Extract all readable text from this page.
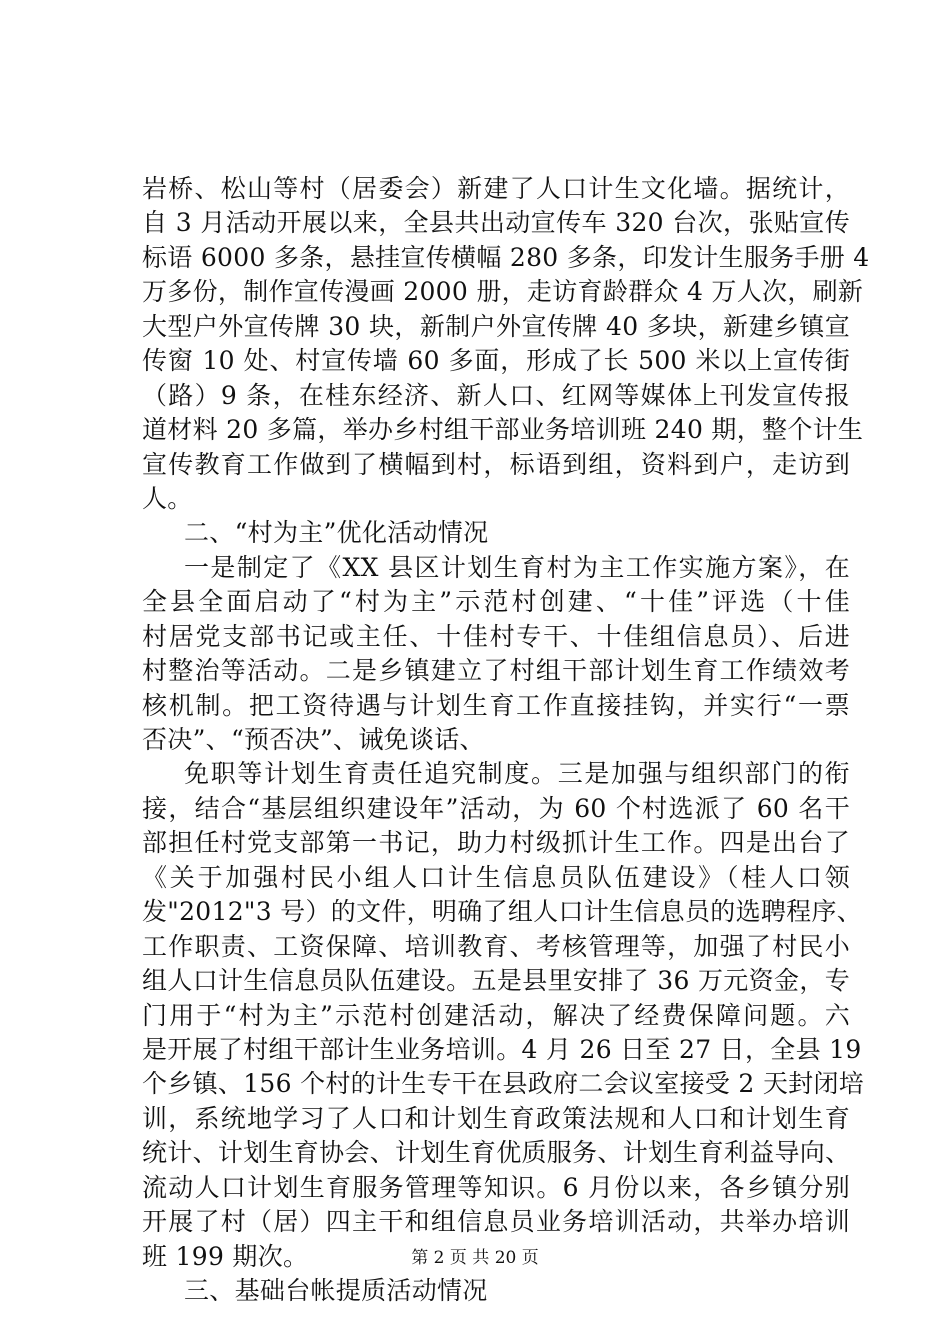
岩桥、松山等村（居委会）新建了人口计生文化墙。据统计，
自 3 月活动开展以来，全县共出动宣传车 320 台次，张贴宣传
标语 6000 多条，悬挂宣传横幅 280 多条，印发计生服务手册 4
万多份，制作宣传漫画 2000 册，走访育龄群众 4 万人次，刷新
大型户外宣传牌 30 块，新制户外宣传牌 40 多块，新建乡镇宣
传窗 10 处、村宣传墙 60 多面，形成了长 500 米以上宣传街
（路）9 条，在桂东经济、新人口、红网等媒体上刊发宣传报
道材料 20 多篇，举办乡村组干部业务培训班 240 期，整个计生
宣传教育工作做到了横幅到村，标语到组，资料到户，走访到
人。
二、“村为主”优化活动情况
一是制定了《XX 县区计划生育村为主工作实施方案》，在
全县全面启动了“村为主”示范村创建、“十佳”评选（十佳
村居党支部书记或主任、十佳村专干、十佳组信息员）、后进
村整治等活动。二是乡镇建立了村组干部计划生育工作绩效考
核机制。把工资待遇与计划生育工作直接挂钩，并实行“一票
否决”、“预否决”、诫免谈话、
免职等计划生育责任追究制度。三是加强与组织部门的衔
接，结合“基层组织建设年”活动，为 60 个村选派了 60 名干
部担任村党支部第一书记，助力村级抓计生工作。四是出台了
《关于加强村民小组人口计生信息员队伍建设》（桂人口领
发"2012"3 号）的文件，明确了组人口计生信息员的选聘程序、
工作职责、工资保障、培训教育、考核管理等，加强了村民小
组人口计生信息员队伍建设。五是县里安排了 36 万元资金，专
门用于“村为主”示范村创建活动，解决了经费保障问题。六
是开展了村组干部计生业务培训。4 月 26 日至 27 日，全县 19
个乡镇、156 个村的计生专干在县政府二会议室接受 2 天封闭培
训，系统地学习了人口和计划生育政策法规和人口和计划生育
统计、计划生育协会、计划生育优质服务、计划生育利益导向、
流动人口计划生育服务管理等知识。6 月份以来，各乡镇分别
开展了村（居）四主干和组信息员业务培训活动，共举办培训
班 199 期次。
三、基础台帐提质活动情况
第 2 页 共 20 页
